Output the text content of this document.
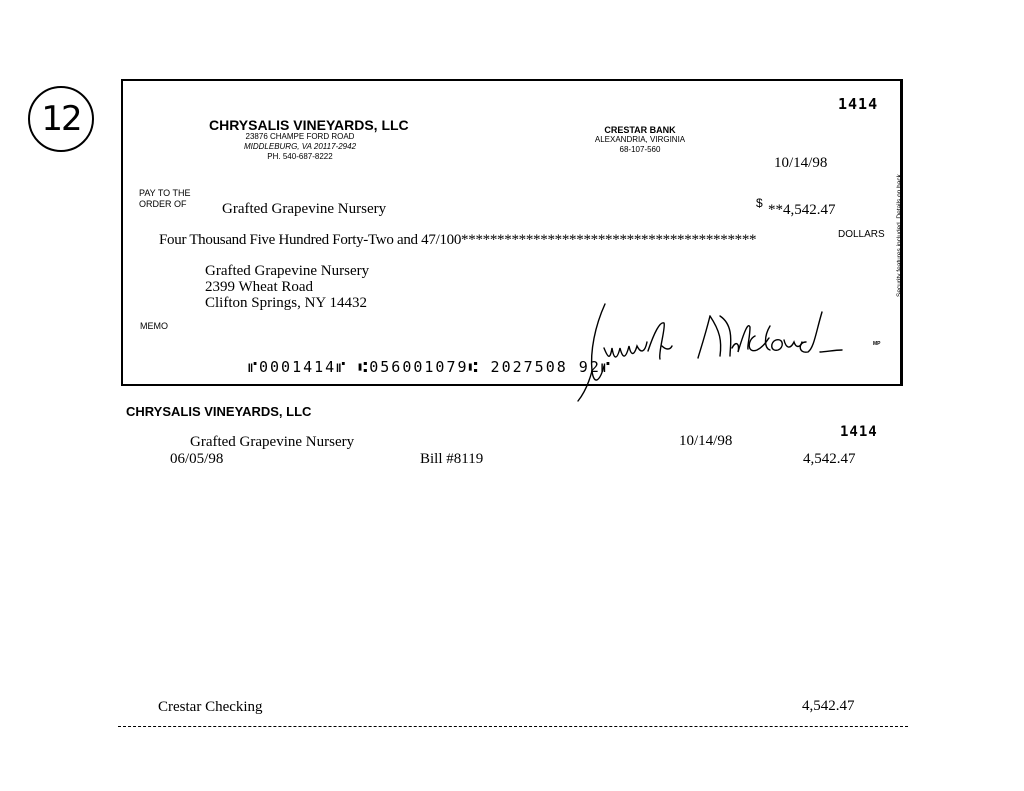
12	1414
CHRYSALIS VINEYARDS, LLC
23876 CHAMPE FORD ROAD
MIDDLEBURG, VA 20117-2942
PH. 540-687-8222
CRESTAR BANK
ALEXANDRIA, VIRGINIA
68-107-560
10/14/98
PAY TO THE
ORDER OF Grafted Grapevine Nursery	$ **4,542.47
Four Thousand Five Hundred Forty-Two and 47/100*****************************************	DOLLARS
Grafted Grapevine Nursery
2399 Wheat Road
Clifton Springs, NY 14432
MEMO
MP
Security features included. Details on back.
⑈0001414⑈ ⑆056001079⑆ 2027508 92⑈
CHRYSALIS VINEYARDS, LLC
1414
Grafted Grapevine Nursery	10/14/98
06/05/98	Bill #8119	4,542.47
Crestar Checking	4,542.47
